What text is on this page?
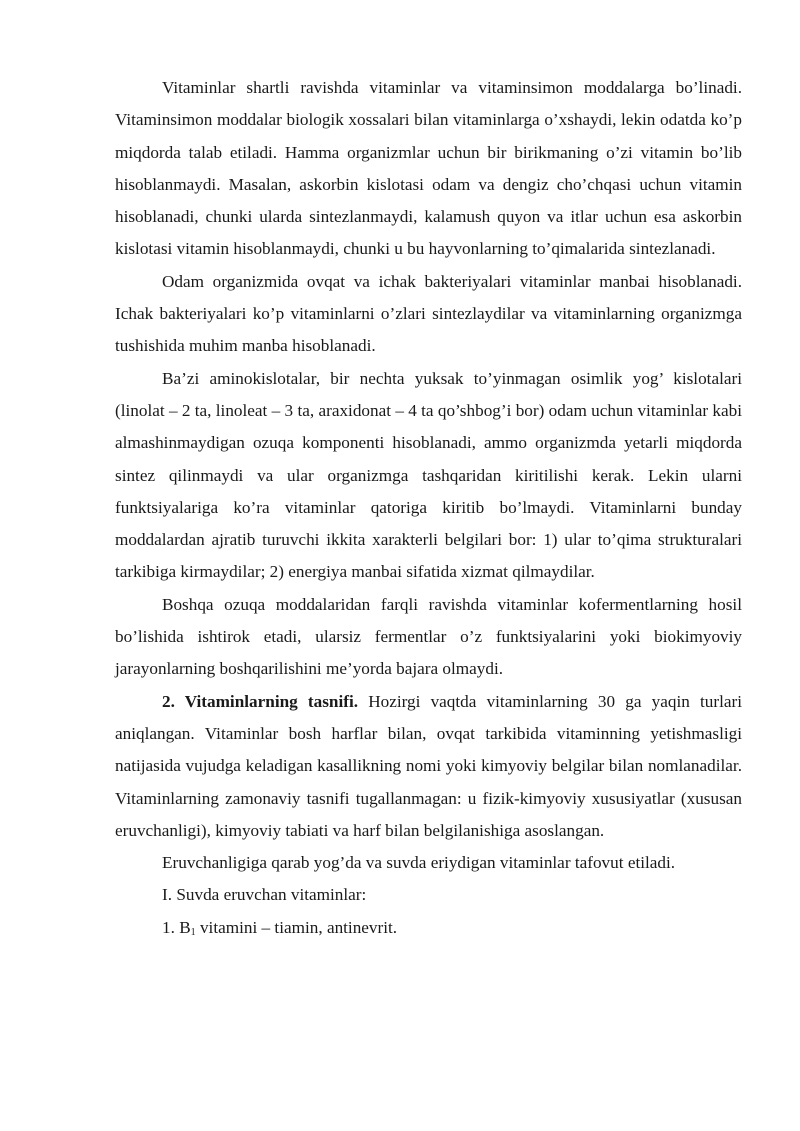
Vitaminlar shartli ravishda vitaminlar va vitaminsimon moddalarga bo’linadi. Vitaminsimon moddalar biologik xossalari bilan vitaminlarga o’xshaydi, lekin odatda ko’p miqdorda talab etiladi. Hamma organizmlar uchun bir birikmaning o’zi vitamin bo’lib hisoblanmaydi. Masalan, askorbin kislotasi odam va dengiz cho’chqasi uchun vitamin hisoblanadi, chunki ularda sintezlanmaydi, kalamush quyon va itlar uchun esa askorbin kislotasi vitamin hisoblanmaydi, chunki u bu hayvonlarning to’qimalarida sintezlanadi.

Odam organizmida ovqat va ichak bakteriyalari vitaminlar manbai hisoblanadi. Ichak bakteriyalari ko’p vitaminlarni o’zlari sintezlaydilar va vitaminlarning organizmga tushishida muhim manba hisoblanadi.

Ba’zi aminokislotalar, bir nechta yuksak to’yinmagan osimlik yog’ kislotalari (linolat – 2 ta, linoleat – 3 ta, araxidonat – 4 ta qo’shbog’i bor) odam uchun vitaminlar kabi almashinmaydigan ozuqa komponenti hisoblanadi, ammo organizmda yetarli miqdorda sintez qilinmaydi va ular organizmga tashqaridan kiritilishi kerak. Lekin ularni funktsiyalariga ko’ra vitaminlar qatoriga kiritib bo’lmaydi. Vitaminlarni bunday moddalardan ajratib turuvchi ikkita xarakterli belgilari bor: 1) ular to’qima strukturalari tarkibiga kirmaydilar; 2) energiya manbai sifatida xizmat qilmaydilar.

Boshqa ozuqa moddalaridan farqli ravishda vitaminlar kofermentlarning hosil bo’lishida ishtirok etadi, ularsiz fermentlar o’z funktsiyalarini yoki biokimyoviy jarayonlarning boshqarilishini me’yorda bajara olmaydi.

2. Vitaminlarning tasnifi. Hozirgi vaqtda vitaminlarning 30 ga yaqin turlari aniqlangan. Vitaminlar bosh harflar bilan, ovqat tarkibida vitaminning yetishmasligi natijasida vujudga keladigan kasallikning nomi yoki kimyoviy belgilar bilan nomlanadilar. Vitaminlarning zamonaviy tasnifi tugallanmagan: u fizik-kimyoviy xususiyatlar (xususan eruvchanligi), kimyoviy tabiati va harf bilan belgilanishiga asoslangan.

Eruvchanligiga qarab yog’da va suvda eriydigan vitaminlar tafovut etiladi.

I. Suvda eruvchan vitaminlar:

1. $B_1$ vitamini – tiamin, antinevrit.
